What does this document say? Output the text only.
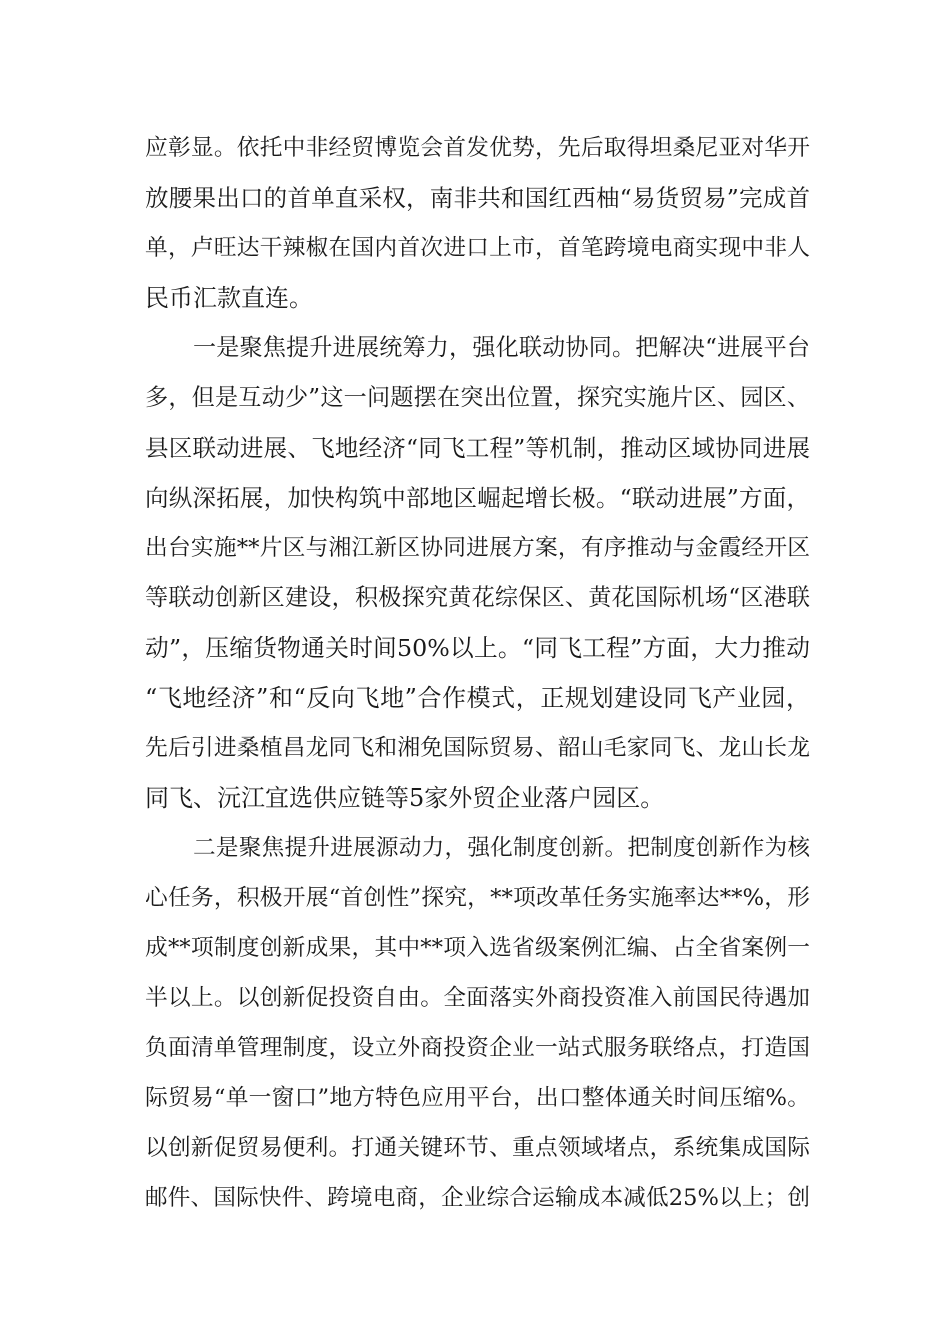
应彰显。依托中非经贸博览会首发优势，先后取得坦桑尼亚对华开
放腰果出口的首单直采权，南非共和国红西柚“易货贸易”完成首
单，卢旺达干辣椒在国内首次进口上市，首笔跨境电商实现中非人
民币汇款直连。
一是聚焦提升进展统筹力，强化联动协同。把解决“进展平台
多，但是互动少”这一问题摆在突出位置，探究实施片区、园区、
县区联动进展、飞地经济“同飞工程”等机制，推动区域协同进展
向纵深拓展，加快构筑中部地区崛起增长极。“联动进展”方面，
出台实施**片区与湘江新区协同进展方案，有序推动与金霞经开区
等联动创新区建设，积极探究黄花综保区、黄花国际机场“区港联
动”，压缩货物通关时间50%以上。“同飞工程”方面，大力推动
“飞地经济”和“反向飞地”合作模式，正规划建设同飞产业园，
先后引进桑植昌龙同飞和湘免国际贸易、韶山毛家同飞、龙山长龙
同飞、沅江宜选供应链等5家外贸企业落户园区。
二是聚焦提升进展源动力，强化制度创新。把制度创新作为核
心任务，积极开展“首创性”探究，**项改革任务实施率达**%，形
成**项制度创新成果，其中**项入选省级案例汇编、占全省案例一
半以上。以创新促投资自由。全面落实外商投资准入前国民待遇加
负面清单管理制度，设立外商投资企业一站式服务联络点，打造国
际贸易“单一窗口”地方特色应用平台，出口整体通关时间压缩%。
以创新促贸易便利。打通关键环节、重点领域堵点，系统集成国际
邮件、国际快件、跨境电商，企业综合运输成本减低25%以上；创
